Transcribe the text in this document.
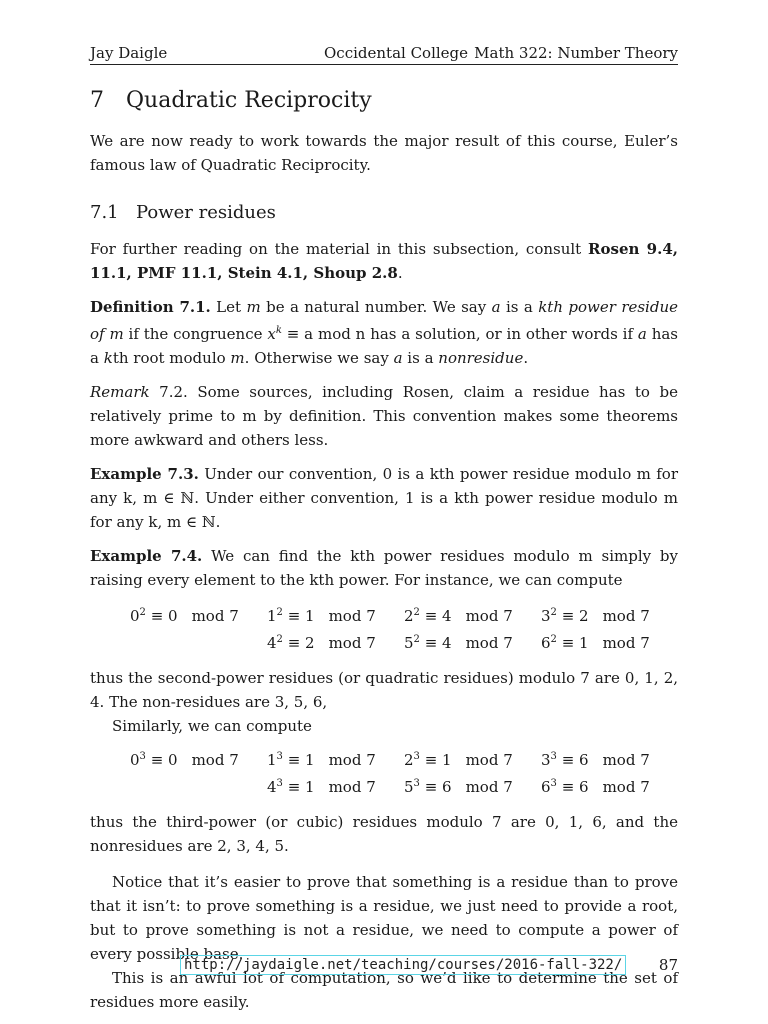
Jay Daigle	Occidental College Math 322: Number Theory
7 Quadratic Reciprocity

We are now ready to work towards the major result of this course, Euler’s famous law of Quadratic Reciprocity.

7.1 Power residues

For further reading on the material in this subsection, consult Rosen 9.4, 11.1, PMF 11.1, Stein 4.1, Shoup 2.8.

Definition 7.1. Let m be a natural number. We say a is a kth power residue of m if the congruence $x^k \equiv a$ mod n has a solution, or in other words if a has a kth root modulo m. Otherwise we say a is a nonresidue.

Remark 7.2. Some sources, including Rosen, claim a residue has to be relatively prime to m by definition. This convention makes some theorems more awkward and others less.

Example 7.3. Under our convention, 0 is a kth power residue modulo m for any k, m ∈ ℕ. Under either convention, 1 is a kth power residue modulo m for any k, m ∈ ℕ.

Example 7.4. We can find the kth power residues modulo m simply by raising every element to the kth power. For instance, we can compute

$0^2 \equiv 0$ mod 7 $1^2 \equiv 1$ mod 7 $2^2 \equiv 4$ mod 7 $3^2 \equiv 2$ mod 7
$4^2 \equiv 2$ mod 7 $5^2 \equiv 4$ mod 7 $6^2 \equiv 1$ mod 7

thus the second-power residues (or quadratic residues) modulo 7 are 0, 1, 2, 4. The non-residues are 3, 5, 6,

Similarly, we can compute

$0^3 \equiv 0$ mod 7 $1^3 \equiv 1$ mod 7 $2^3 \equiv 1$ mod 7 $3^3 \equiv 6$ mod 7
$4^3 \equiv 1$ mod 7 $5^3 \equiv 6$ mod 7 $6^3 \equiv 6$ mod 7

thus the third-power (or cubic) residues modulo 7 are 0, 1, 6, and the nonresidues are 2, 3, 4, 5.

Notice that it’s easier to prove that something is a residue than to prove that it isn’t: to prove something is a residue, we just need to provide a root, but to prove something is not a residue, we need to compute a power of every possible base.

This is an awful lot of computation, so we’d like to determine the set of residues more easily.

http://jaydaigle.net/teaching/courses/2016-fall-322/ 87
